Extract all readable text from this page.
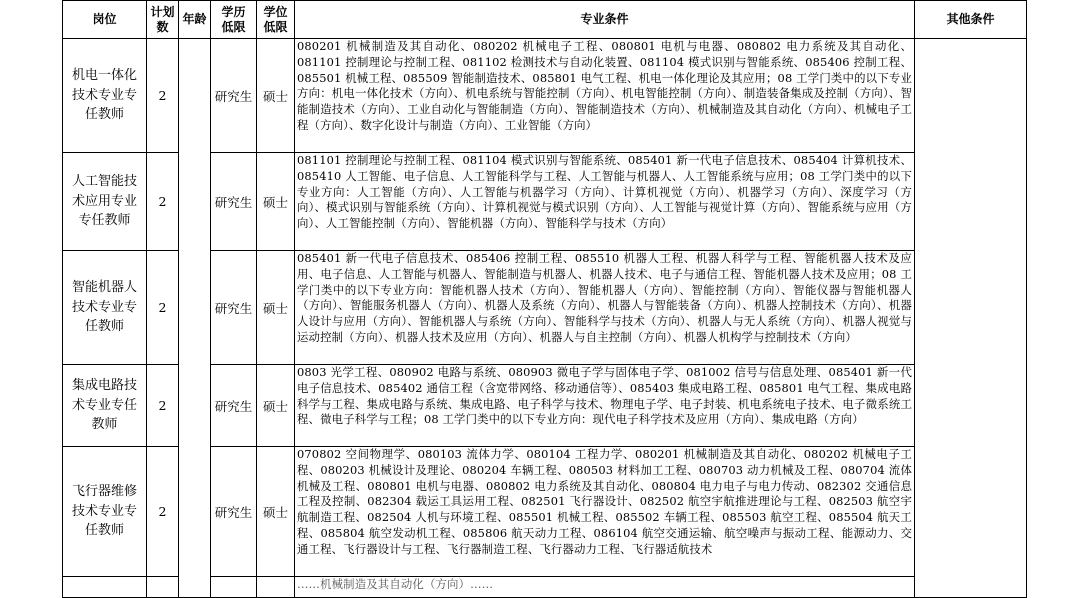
岗位	计划数	年龄	学历低限	学位低限	专业条件	其他条件
机电一体化技术专业专任教师	2		研究生	硕士	080201 机械制造及其自动化、080202 机械电子工程、080801 电机与电器、080802 电力系统及其自动化、081101 控制理论与控制工程、081102 检测技术与自动化装置、081104 模式识别与智能系统、085406 控制工程、085501 机械工程、085509 智能制造技术、085801 电气工程、机电一体化理论及其应用；08 工学门类中的以下专业方向：机电一体化技术（方向）、机电系统与智能控制（方向）、机电智能控制（方向）、制造装备集成及控制（方向）、智能制造技术（方向）、工业自动化与智能制造（方向）、智能制造技术（方向）、机械制造及其自动化（方向）、机械电子工程（方向）、数字化设计与制造（方向）、工业智能（方向）	
人工智能技术应用专业专任教师	2		研究生	硕士	081101 控制理论与控制工程、081104 模式识别与智能系统、085401 新一代电子信息技术、085404 计算机技术、085410 人工智能、电子信息、人工智能科学与工程、人工智能与机器人、人工智能系统与应用；08 工学门类中的以下专业方向：人工智能（方向）、人工智能与机器学习（方向）、计算机视觉（方向）、机器学习（方向）、深度学习（方向）、模式识别与智能系统（方向）、计算机视觉与模式识别（方向）、人工智能与视觉计算（方向）、智能系统与应用（方向）、人工智能控制（方向）、智能机器（方向）、智能科学与技术（方向）	
智能机器人技术专业专任教师	2		研究生	硕士	085401 新一代电子信息技术、085406 控制工程、085510 机器人工程、机器人科学与工程、智能机器人技术及应用、电子信息、人工智能与机器人、智能制造与机器人、机器人技术、电子与通信工程、智能机器人技术及应用；08 工学门类中的以下专业方向：智能机器人技术（方向）、智能机器人（方向）、智能控制（方向）、智能仪器与智能机器人（方向）、智能服务机器人（方向）、机器人及系统（方向）、机器人与智能装备（方向）、机器人控制技术（方向）、机器人设计与应用（方向）、智能机器人与系统（方向）、智能科学与技术（方向）、机器人与无人系统（方向）、机器人视觉与运动控制（方向）、机器人技术及应用（方向）、机器人与自主控制（方向）、机器人机构学与控制技术（方向）	
集成电路技术专业专任教师	2		研究生	硕士	0803 光学工程、080902 电路与系统、080903 微电子学与固体电子学、081002 信号与信息处理、085401 新一代电子信息技术、085402 通信工程（含宽带网络、移动通信等）、085403 集成电路工程、085801 电气工程、集成电路科学与工程、集成电路与系统、集成电路、电子科学与技术、物理电子学、电子封装、机电系统电子技术、电子微系统工程、微电子科学与工程；08 工学门类中的以下专业方向：现代电子科学技术及应用（方向）、集成电路（方向）	
飞行器维修技术专业专任教师	2		研究生	硕士	070802 空间物理学、080103 流体力学、080104 工程力学、080201 机械制造及其自动化、080202 机械电子工程、080203 机械设计及理论、080204 车辆工程、080503 材料加工工程、080703 动力机械及工程、080704 流体机械及工程、080801 电机与电器、080802 电力系统及其自动化、080804 电力电子与电力传动、082302 交通信息工程及控制、082304 载运工具运用工程、082501 飞行器设计、082502 航空宇航推进理论与工程、082503 航空宇航制造工程、082504 人机与环境工程、085501 机械工程、085502 车辆工程、085503 航空工程、085504 航天工程、085804 航空发动机工程、085806 航天动力工程、086104 航空交通运输、航空噪声与振动工程、能源动力、交通工程、飞行器设计与工程、飞行器制造工程、飞行器动力工程、飞行器适航技术	
					……机械制造及其自动化（方向）……	
